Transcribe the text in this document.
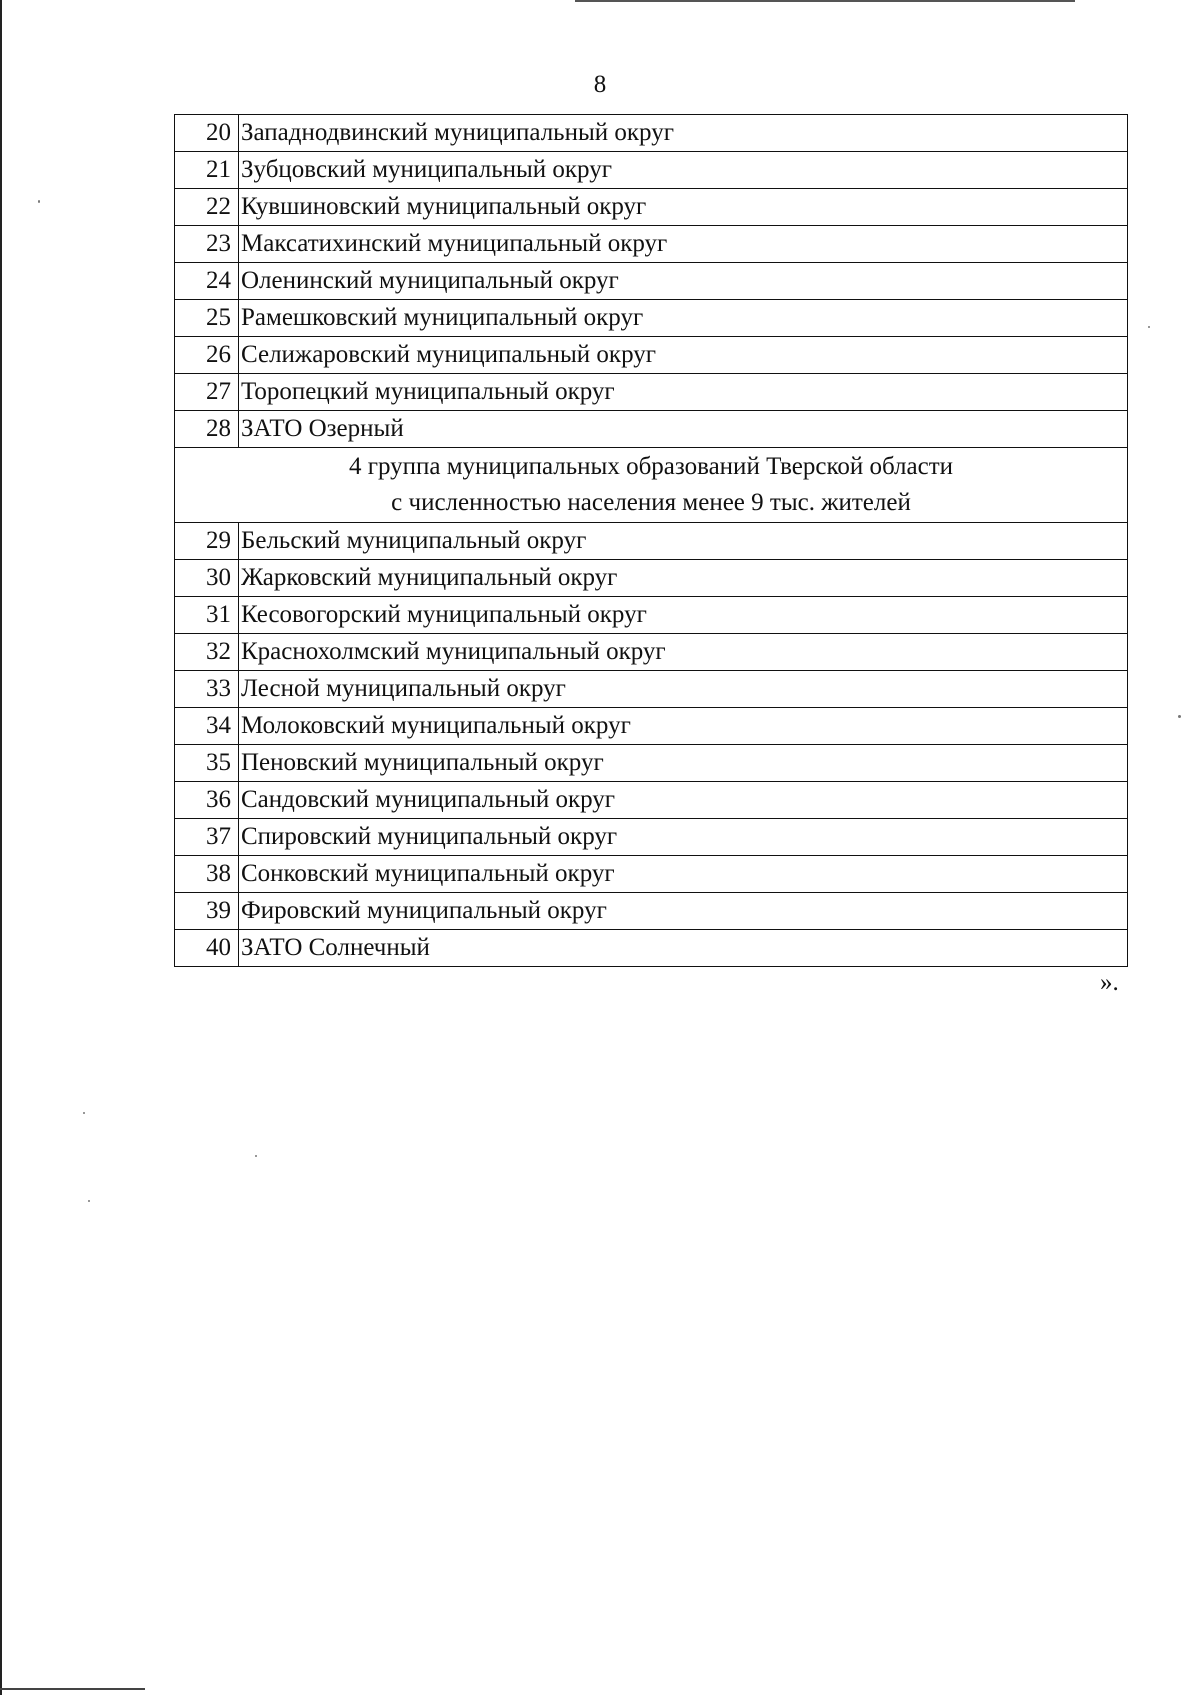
8
20	Западнодвинский муниципальный округ
21	Зубцовский муниципальный округ
22	Кувшиновский муниципальный округ
23	Максатихинский муниципальный округ
24	Оленинский муниципальный округ
25	Рамешковский муниципальный округ
26	Селижаровский муниципальный округ
27	Торопецкий муниципальный округ
28	ЗАТО Озерный

4 группа муниципальных образований Тверской области
с численностью населения менее 9 тыс. жителей	

29	Бельский муниципальный округ
30	Жарковский муниципальный округ
31	Кесовогорский муниципальный округ
32	Краснохолмский муниципальный округ
33	Лесной муниципальный округ
34	Молоковский муниципальный округ
35	Пеновский муниципальный округ
36	Сандовский муниципальный округ
37	Спировский муниципальный округ
38	Сонковский муниципальный округ
39	Фировский муниципальный округ
40	ЗАТО Солнечный
».
